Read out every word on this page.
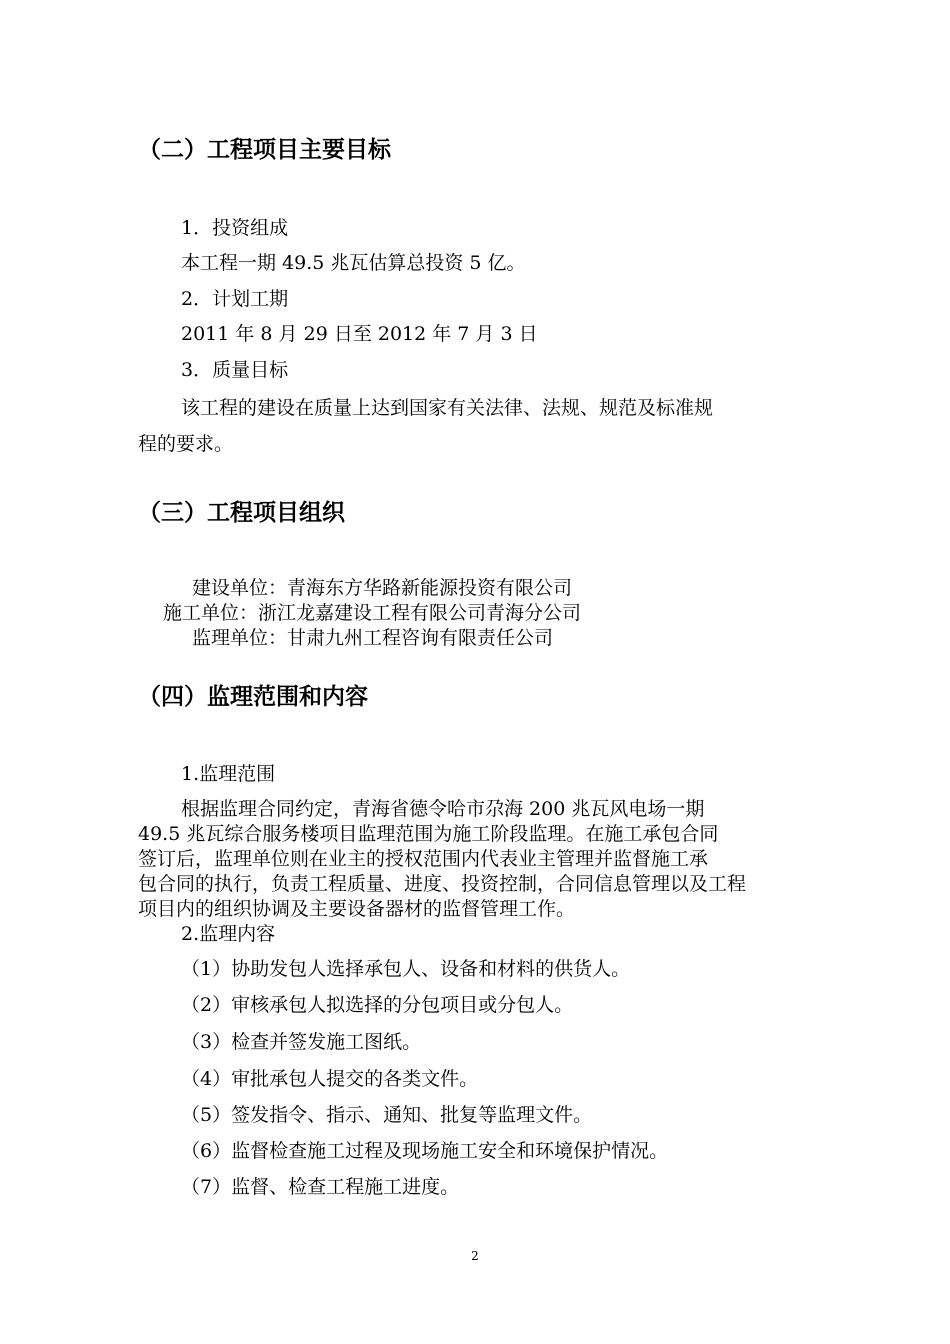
（二）工程项目主要目标
1．投资组成
本工程一期 49.5 兆瓦估算总投资 5 亿。
2．计划工期
2011 年 8 月 29 日至 2012 年 7 月 3 日
3．质量目标
该工程的建设在质量上达到国家有关法律、法规、规范及标准规
程的要求。
（三）工程项目组织
建设单位：青海东方华路新能源投资有限公司
施工单位：浙江龙嘉建设工程有限公司青海分公司
监理单位：甘肃九州工程咨询有限责任公司
（四）监理范围和内容
1.监理范围
根据监理合同约定，青海省德令哈市尕海 200 兆瓦风电场一期
49.5 兆瓦综合服务楼项目监理范围为施工阶段监理。在施工承包合同
签订后，监理单位则在业主的授权范围内代表业主管理并监督施工承
包合同的执行，负责工程质量、进度、投资控制，合同信息管理以及工程
项目内的组织协调及主要设备器材的监督管理工作。
2.监理内容
（1）协助发包人选择承包人、设备和材料的供货人。
（2）审核承包人拟选择的分包项目或分包人。
（3）检查并签发施工图纸。
（4）审批承包人提交的各类文件。
（5）签发指令、指示、通知、批复等监理文件。
（6）监督检查施工过程及现场施工安全和环境保护情况。
（7）监督、检查工程施工进度。
2
